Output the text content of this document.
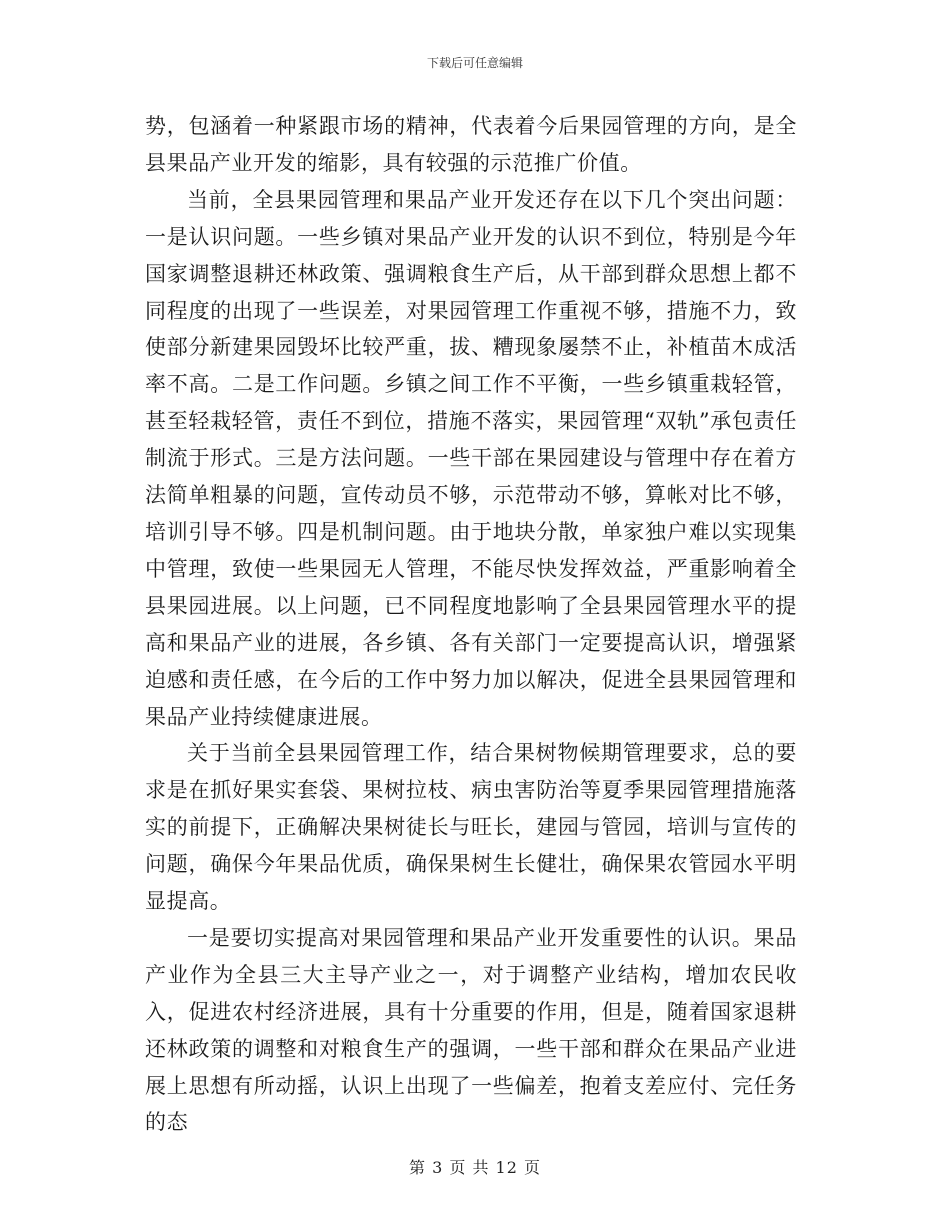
下载后可任意编辑

势，包涵着一种紧跟市场的精神，代表着今后果园管理的方向，是全县果品产业开发的缩影，具有较强的示范推广价值。

当前，全县果园管理和果品产业开发还存在以下几个突出问题：一是认识问题。一些乡镇对果品产业开发的认识不到位，特别是今年国家调整退耕还林政策、强调粮食生产后，从干部到群众思想上都不同程度的出现了一些误差，对果园管理工作重视不够，措施不力，致使部分新建果园毁坏比较严重，拔、糟现象屡禁不止，补植苗木成活率不高。二是工作问题。乡镇之间工作不平衡，一些乡镇重栽轻管，甚至轻栽轻管，责任不到位，措施不落实，果园管理“双轨”承包责任制流于形式。三是方法问题。一些干部在果园建设与管理中存在着方法简单粗暴的问题，宣传动员不够，示范带动不够，算帐对比不够，培训引导不够。四是机制问题。由于地块分散，单家独户难以实现集中管理，致使一些果园无人管理，不能尽快发挥效益，严重影响着全县果园进展。以上问题，已不同程度地影响了全县果园管理水平的提高和果品产业的进展，各乡镇、各有关部门一定要提高认识，增强紧迫感和责任感，在今后的工作中努力加以解决，促进全县果园管理和果品产业持续健康进展。

关于当前全县果园管理工作，结合果树物候期管理要求，总的要求是在抓好果实套袋、果树拉枝、病虫害防治等夏季果园管理措施落实的前提下，正确解决果树徒长与旺长，建园与管园，培训与宣传的问题，确保今年果品优质，确保果树生长健壮，确保果农管园水平明显提高。

一是要切实提高对果园管理和果品产业开发重要性的认识。果品产业作为全县三大主导产业之一，对于调整产业结构，增加农民收入，促进农村经济进展，具有十分重要的作用，但是，随着国家退耕还林政策的调整和对粮食生产的强调，一些干部和群众在果品产业进展上思想有所动摇，认识上出现了一些偏差，抱着支差应付、完任务的态

第 3 页 共 12 页
